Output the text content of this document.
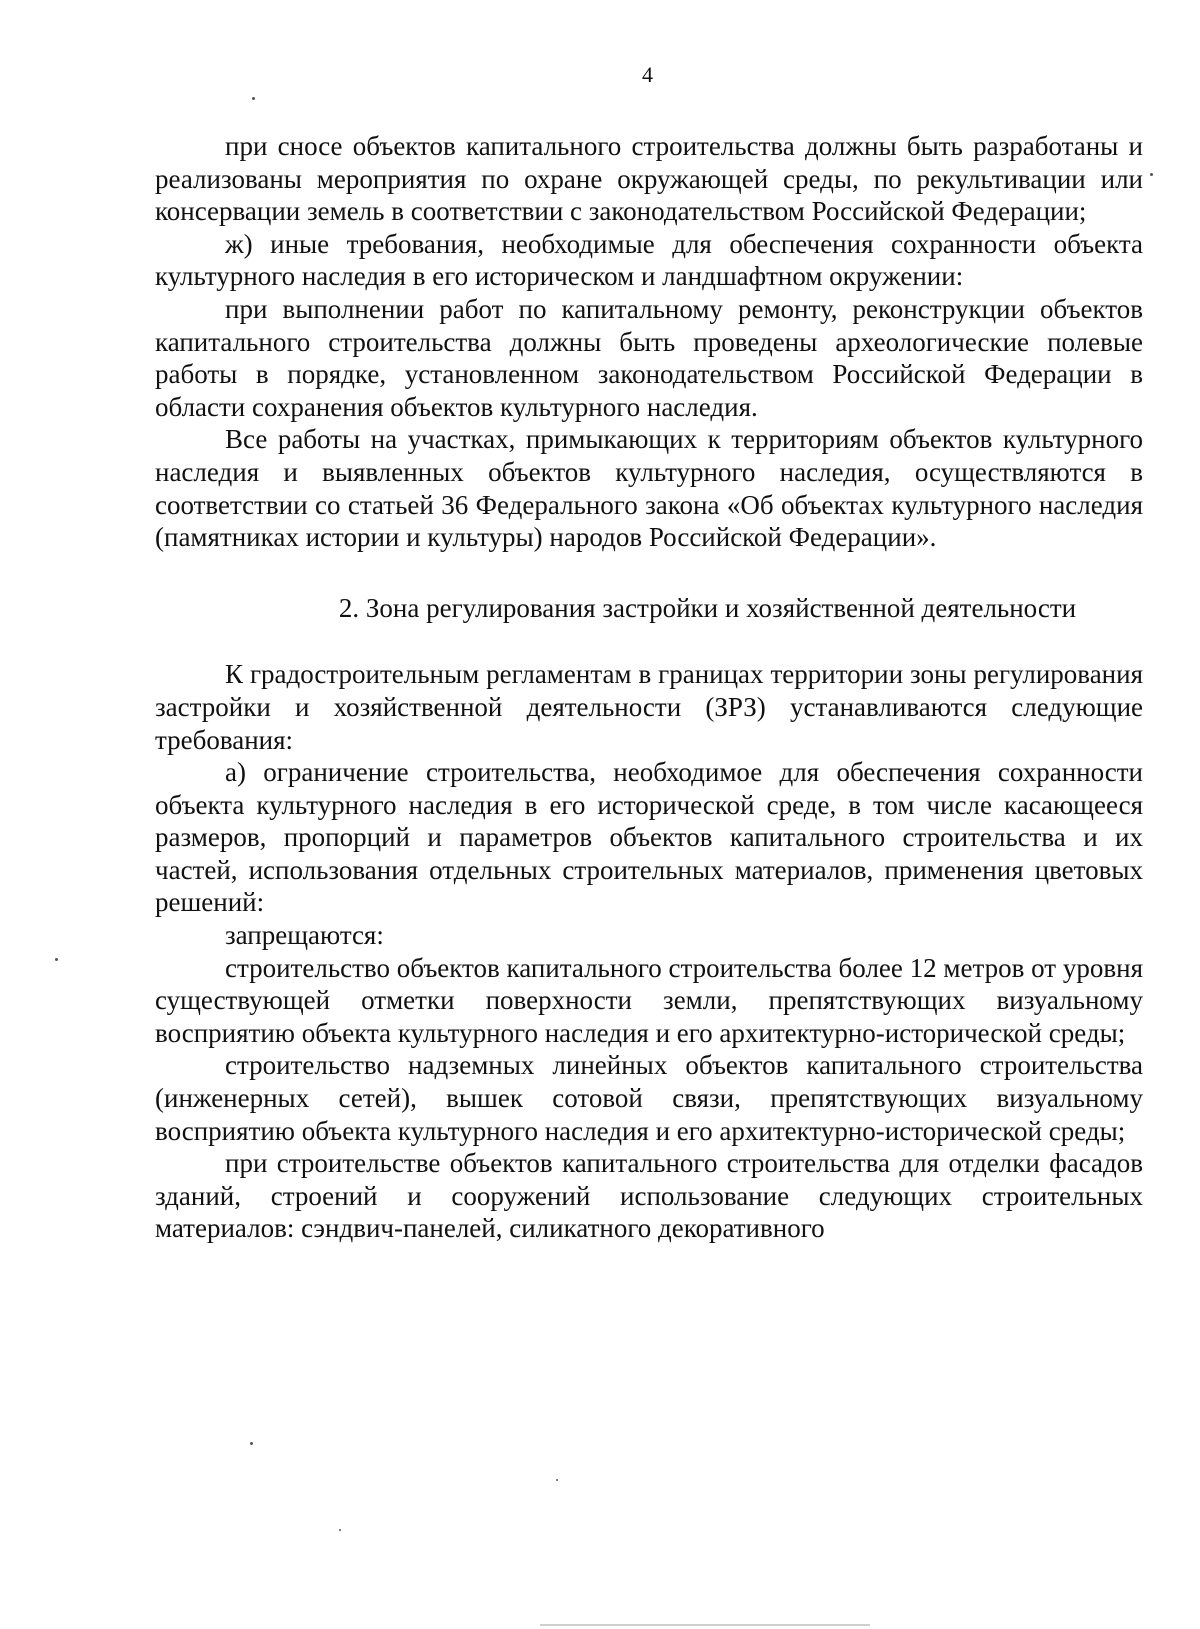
4

при сносе объектов капитального строительства должны быть разработаны и реализованы мероприятия по охране окружающей среды, по рекультивации или консервации земель в соответствии с законодательством Российской Федерации;

ж) иные требования, необходимые для обеспечения сохранности объекта культурного наследия в его историческом и ландшафтном окружении:

при выполнении работ по капитальному ремонту, реконструкции объектов капитального строительства должны быть проведены археологические полевые работы в порядке, установленном законодательством Российской Федерации в области сохранения объектов культурного наследия.

Все работы на участках, примыкающих к территориям объектов культурного наследия и выявленных объектов культурного наследия, осуществляются в соответствии со статьей 36 Федерального закона «Об объектах культурного наследия (памятниках истории и культуры) народов Российской Федерации».

2. Зона регулирования застройки и хозяйственной деятельности

К градостроительным регламентам в границах территории зоны регулирования застройки и хозяйственной деятельности (ЗРЗ) устанавливаются следующие требования:

а) ограничение строительства, необходимое для обеспечения сохранности объекта культурного наследия в его исторической среде, в том числе касающееся размеров, пропорций и параметров объектов капитального строительства и их частей, использования отдельных строительных материалов, применения цветовых решений:

запрещаются:

строительство объектов капитального строительства более 12 метров от уровня существующей отметки поверхности земли, препятствующих визуальному восприятию объекта культурного наследия и его архитектурно-исторической среды;

строительство надземных линейных объектов капитального строительства (инженерных сетей), вышек сотовой связи, препятствующих визуальному восприятию объекта культурного наследия и его архитектурно-исторической среды;

при строительстве объектов капитального строительства для отделки фасадов зданий, строений и сооружений использование следующих строительных материалов: сэндвич-панелей, силикатного декоративного
